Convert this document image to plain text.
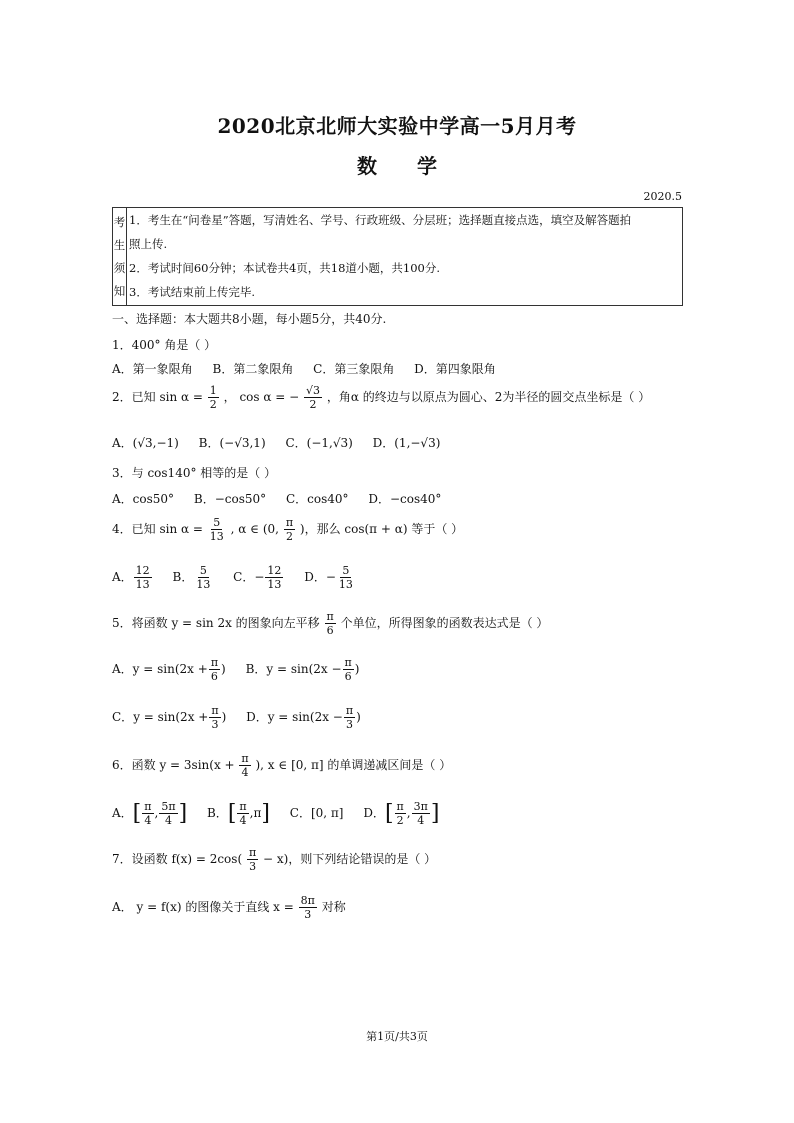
2020北京北师大实验中学高一5月月考
数学
2020.5
考
生
须
知
1．考生在“问卷星”答题，写清姓名、学号、行政班级、分层班；选择题直接点选，填空及解答题拍
照上传.
2．考试时间60分钟；本试卷共4页，共18道小题，共100分.
3．考试结束前上传完毕.
一、选择题：本大题共8小题，每小题5分，共40分.
1．400° 角是（ ）
A．第一象限角 B．第二象限角 C．第三象限角 D．第四象限角
2．已知 $\sin \alpha = \frac{1}{2}$ ， cos α = − $\frac{√3}{2}$ ，角α 的终边与以原点为圆心、2为半径的圆交点坐标是（ ）
A．(√3,−1) B．(−√3,1) C．(−1,√3) D．(1,−√3)
3．与 cos140° 相等的是（ ）
A．cos50° B．−cos50° C．cos40° D．−cos40°
4．已知 $\sin \alpha = \frac{5}{13}$ , α ∈ (0, $\frac{\pi}{2}$ )，那么 cos(π + α) 等于（ ）
A． $\frac{12}{13}$ B． $\frac{5}{13}$ C．− $\frac{12}{13}$ D．− $\frac{5}{13}$
5．将函数 y = sin 2x 的图象向左平移 $\frac{\pi}{6}$ 个单位，所得图象的函数表达式是（ ）
A．$y = \sin(2x + \frac{\pi}{6}$ ) B．$y = \sin(2x - \frac{\pi}{6}$ )
C．$y = \sin(2x + \frac{\pi}{3}$ ) D．$y = \sin(2x - \frac{\pi}{3}$ )
6．函数 $y = 3\sin(x + \frac{\pi}{4}$ ), x ∈ [0, π] 的单调递减区间是（ ）
A．[ $\frac{\pi}{4}$ , $\frac{5\pi}{4}$ ] B．[ $\frac{\pi}{4} ,\pi$] C．[0, π] D．[ $\frac{\pi}{2}$ , $\frac{3\pi}{4}$ ]
7．设函数 $f(x) = 2\cos( \frac{\pi}{3} - x)$，则下列结论错误的是（ ）
A． y = f(x) 的图像关于直线 $x = \frac{8\pi}{3}$ 对称
第1页/共3页
